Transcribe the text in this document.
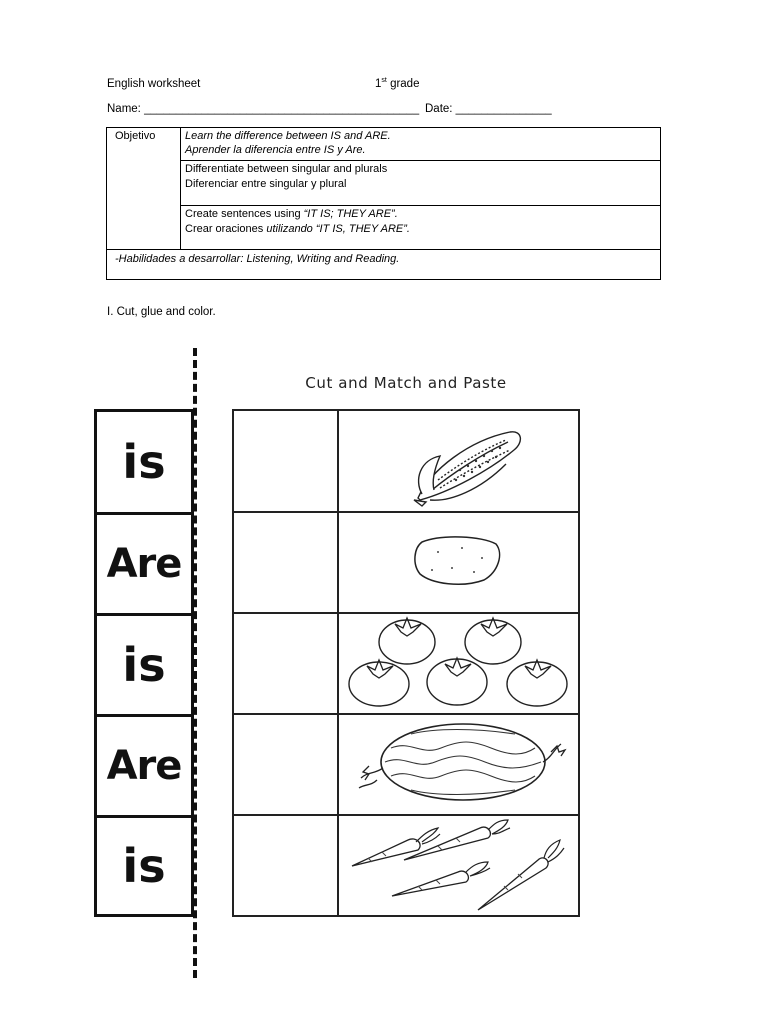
English worksheet	1st grade
Name: ___________________________________________ Date: _______________
Objetivo	Learn the difference between IS and ARE.
Aprender la diferencia entre IS y Are.
Differentiate between singular and plurals
Diferenciar entre singular y plural
Create sentences using “IT IS; THEY ARE”.
Crear oraciones utilizando “IT IS, THEY ARE”.
-Habilidades a desarrollar: Listening, Writing and Reading.
I. Cut, glue and color.
Cut and Match and Paste
is
Are
is
Are
is
